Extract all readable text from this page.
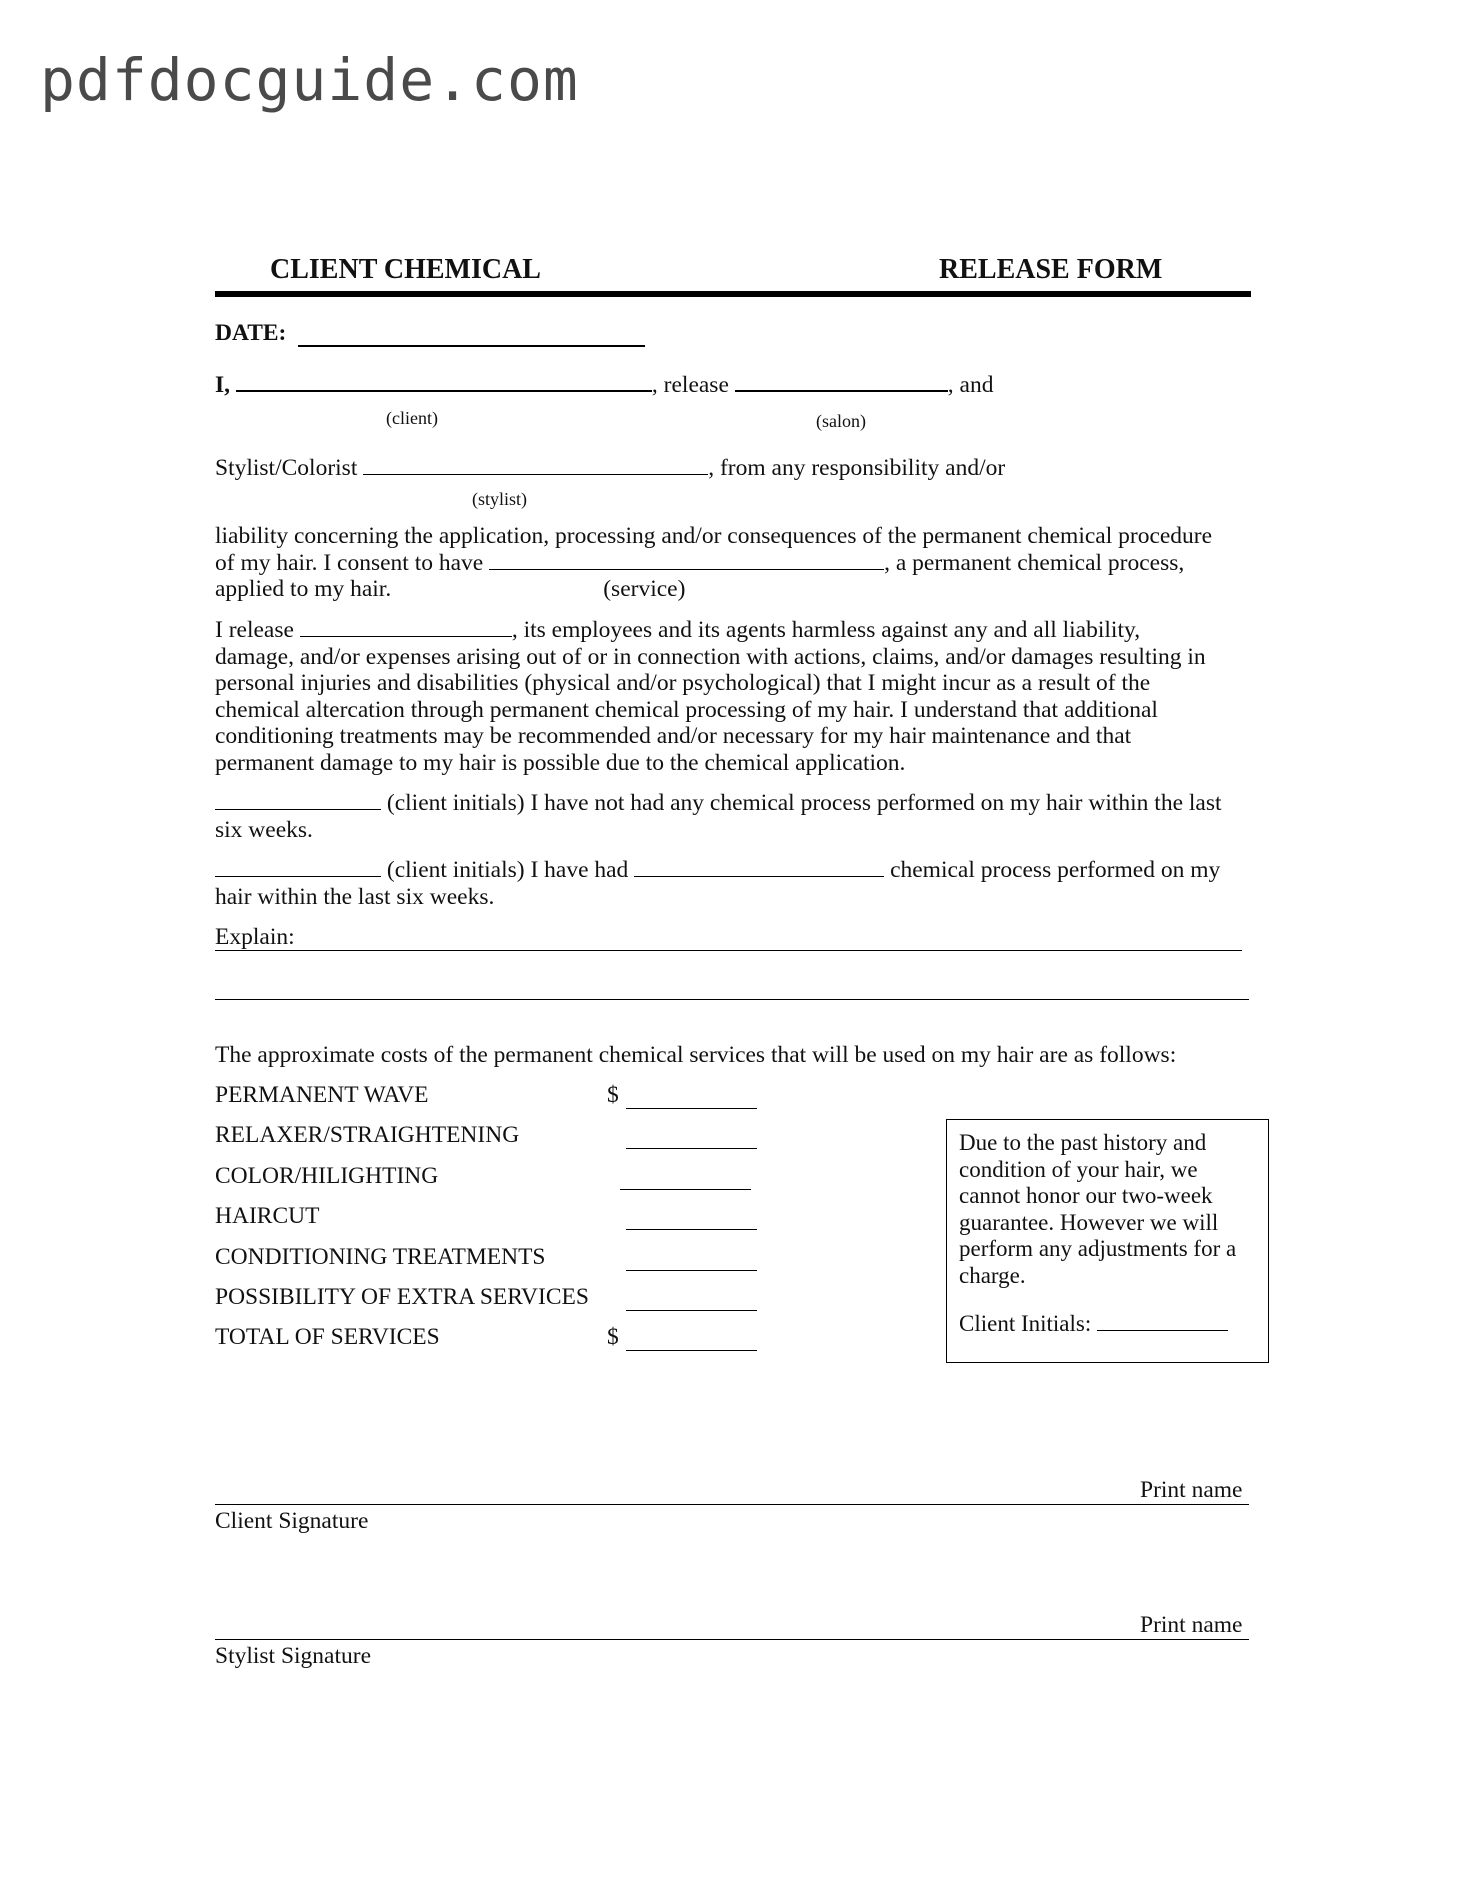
pdfdocguide.com
CLIENT CHEMICAL	RELEASE FORM
DATE:
I,	, release	, and
(client)	(salon)
Stylist/Colorist	, from any responsibility and/or
(stylist)
liability concerning the application, processing and/or consequences of the permanent chemical procedure
of my hair. I consent to have	, a permanent chemical process,
applied to my hair.	(service)
I release	, its employees and its agents harmless against any and all liability,
damage, and/or expenses arising out of or in connection with actions, claims, and/or damages resulting in
personal injuries and disabilities (physical and/or psychological) that I might incur as a result of the
chemical altercation through permanent chemical processing of my hair. I understand that additional
conditioning treatments may be recommended and/or necessary for my hair maintenance and that
permanent damage to my hair is possible due to the chemical application.
(client initials) I have not had any chemical process performed on my hair within the last
six weeks.
(client initials) I have had	chemical process performed on my
hair within the last six weeks.
Explain:
The approximate costs of the permanent chemical services that will be used on my hair are as follows:
PERMANENT WAVE	$
RELAXER/STRAIGHTENING
COLOR/HILIGHTING
HAIRCUT
CONDITIONING TREATMENTS
POSSIBILITY OF EXTRA SERVICES
TOTAL OF SERVICES	$

Due to the past history and condition of your hair, we cannot honor our two-week guarantee. However we will perform any adjustments for a charge.

Client Initials:
Print name
Client Signature
Print name
Stylist Signature
